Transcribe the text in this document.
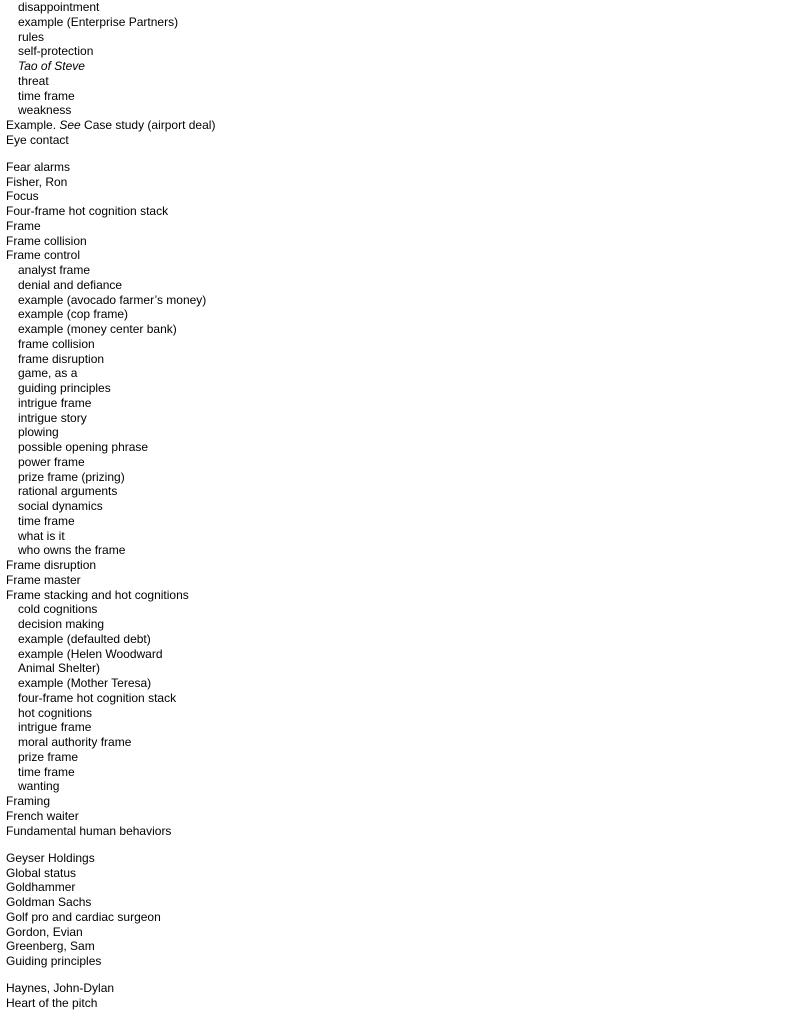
disappointment
example (Enterprise Partners)
rules
self-protection
Tao of Steve
threat
time frame
weakness
Example. See Case study (airport deal)
Eye contact
Fear alarms
Fisher, Ron
Focus
Four-frame hot cognition stack
Frame
Frame collision
Frame control
analyst frame
denial and defiance
example (avocado farmer’s money)
example (cop frame)
example (money center bank)
frame collision
frame disruption
game, as a
guiding principles
intrigue frame
intrigue story
plowing
possible opening phrase
power frame
prize frame (prizing)
rational arguments
social dynamics
time frame
what is it
who owns the frame
Frame disruption
Frame master
Frame stacking and hot cognitions
cold cognitions
decision making
example (defaulted debt)
example (Helen Woodward
Animal Shelter)
example (Mother Teresa)
four-frame hot cognition stack
hot cognitions
intrigue frame
moral authority frame
prize frame
time frame
wanting
Framing
French waiter
Fundamental human behaviors
Geyser Holdings
Global status
Goldhammer
Goldman Sachs
Golf pro and cardiac surgeon
Gordon, Evian
Greenberg, Sam
Guiding principles
Haynes, John-Dylan
Heart of the pitch
